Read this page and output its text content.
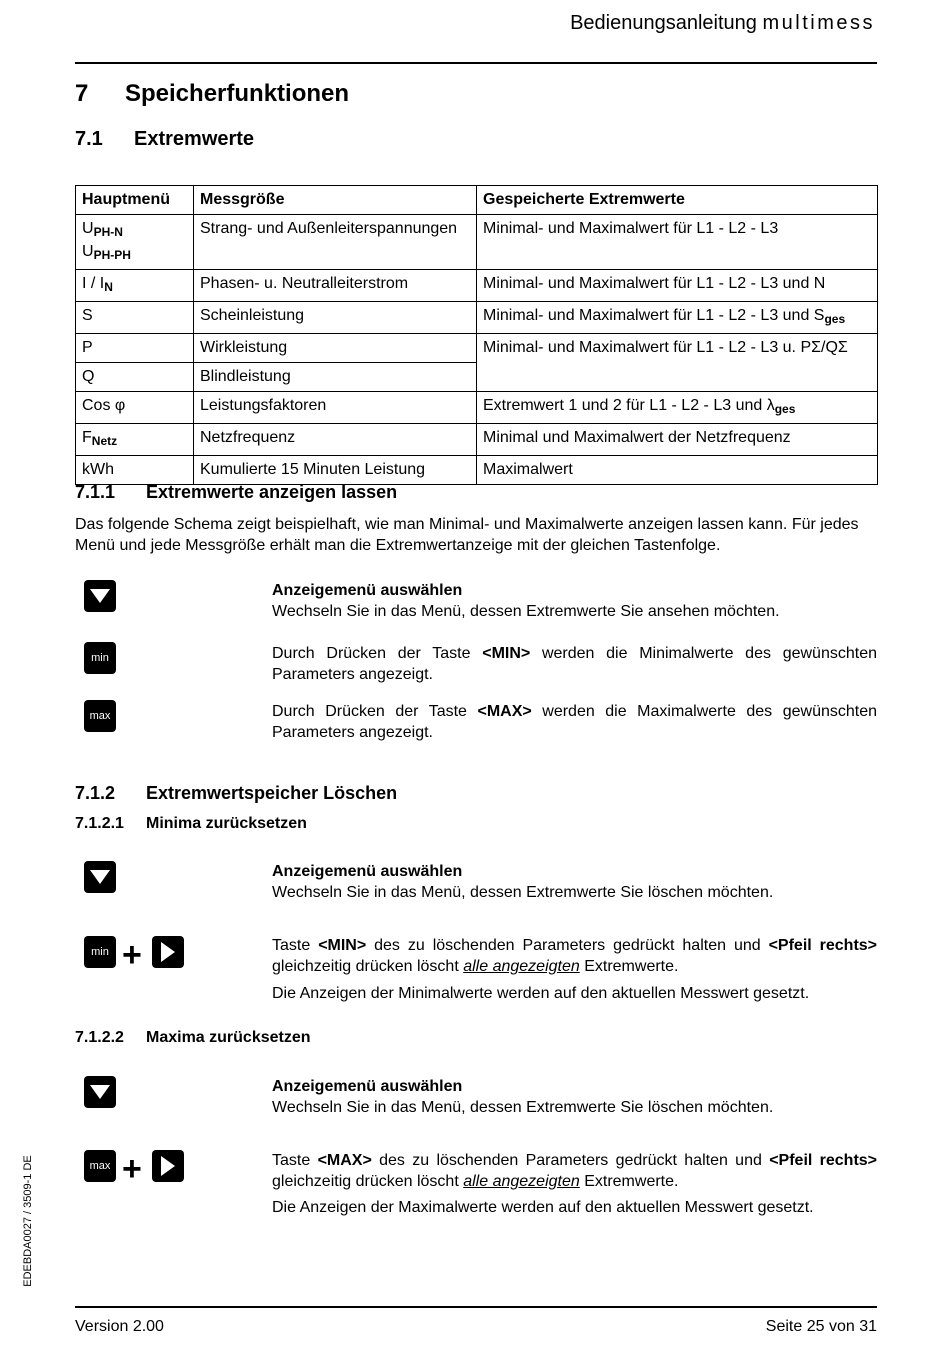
Bedienungsanleitung multimess
7 Speicherfunktionen
7.1 Extremwerte
Hauptmenü	Messgröße	Gespeicherte Extremwerte
$U_{PH-N}$
$U_{PH-PH}$	Strang- und Außenleiterspannungen	Minimal- und Maximalwert für L1 - L2 - L3
I / $I_N$	Phasen- u. Neutralleiterstrom	Minimal- und Maximalwert für L1 - L2 - L3 und N
S	Scheinleistung	Minimal- und Maximalwert für L1 - L2 - L3 und $S_{ges}$
P	Wirkleistung	Minimal- und Maximalwert für L1 - L2 - L3 u. PΣ/QΣ
Q	Blindleistung	
Cos φ	Leistungsfaktoren	Extremwert 1 und 2 für L1 - L2 - L3 und $\lambda_{ges}$
$F_{Netz}$	Netzfrequenz	Minimal und Maximalwert der Netzfrequenz
kWh	Kumulierte 15 Minuten Leistung	Maximalwert
7.1.1 Extremwerte anzeigen lassen
Das folgende Schema zeigt beispielhaft, wie man Minimal- und Maximalwerte anzeigen lassen kann. Für jedes Menü und jede Messgröße erhält man die Extremwertanzeige mit der gleichen Tastenfolge.
Anzeigemenü auswählen
Wechseln Sie in das Menü, dessen Extremwerte Sie ansehen möchten.
min	Durch Drücken der Taste <MIN> werden die Minimalwerte des gewünschten Parameters angezeigt.
max	Durch Drücken der Taste <MAX> werden die Maximalwerte des gewünschten Parameters angezeigt.
7.1.2 Extremwertspeicher Löschen
7.1.2.1 Minima zurücksetzen
Anzeigemenü auswählen
Wechseln Sie in das Menü, dessen Extremwerte Sie löschen möchten.
min +	Taste <MIN> des zu löschenden Parameters gedrückt halten und <Pfeil rechts> gleichzeitig drücken löscht alle angezeigten Extremwerte.
Die Anzeigen der Minimalwerte werden auf den aktuellen Messwert gesetzt.
7.1.2.2 Maxima zurücksetzen
Anzeigemenü auswählen
Wechseln Sie in das Menü, dessen Extremwerte Sie löschen möchten.
max +	Taste <MAX> des zu löschenden Parameters gedrückt halten und <Pfeil rechts> gleichzeitig drücken löscht alle angezeigten Extremwerte.
Die Anzeigen der Maximalwerte werden auf den aktuellen Messwert gesetzt.
EDEBDA0027 / 3509-1 DE
Version 2.00	Seite 25 von 31
